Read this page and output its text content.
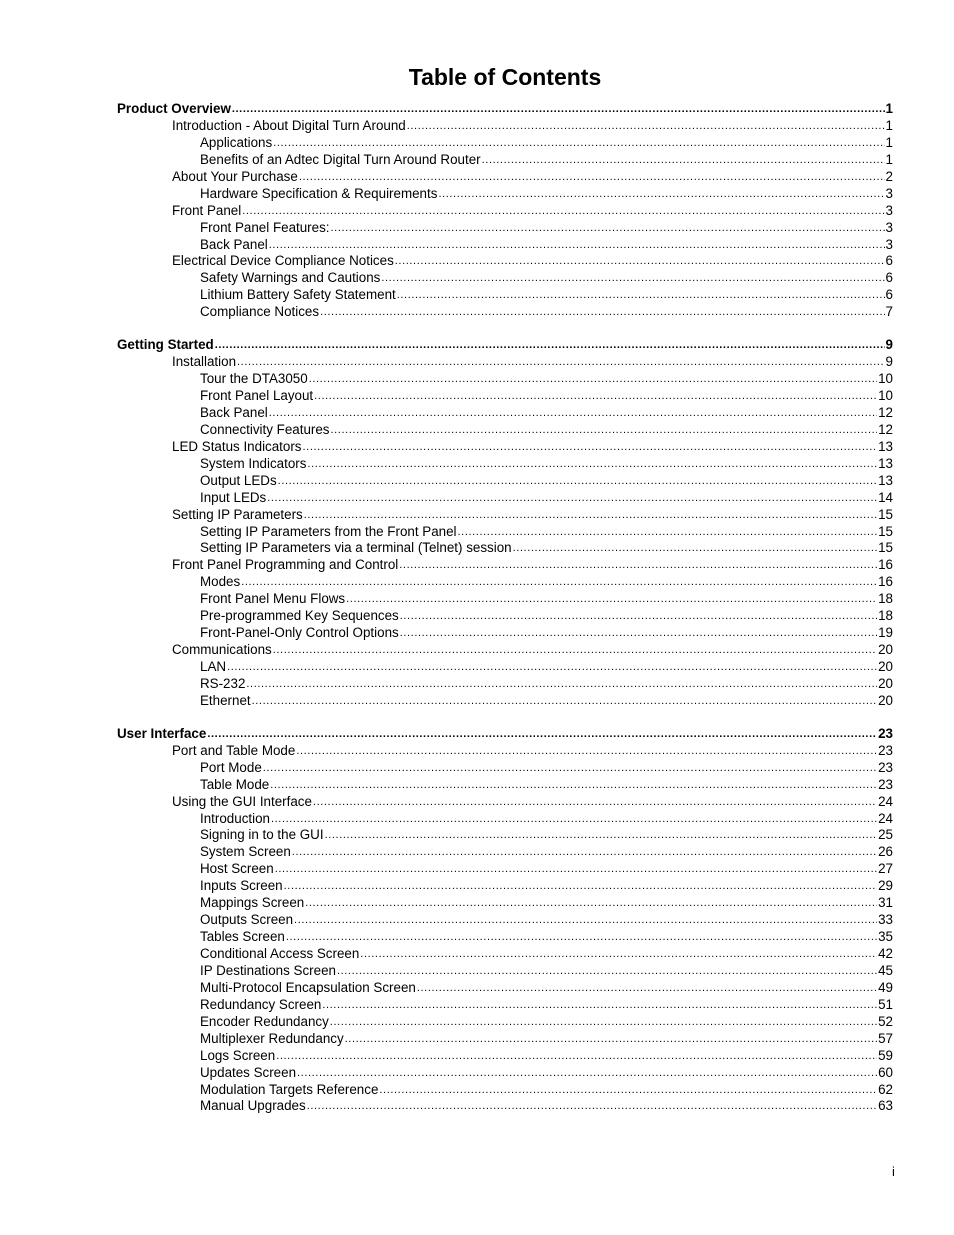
Table of Contents
Product Overview .....	1
Introduction - About Digital Turn Around .....	1
Applications .....	1
Benefits of an Adtec Digital Turn Around Router .....	1
About Your Purchase .....	2
Hardware Specification & Requirements .....	3
Front Panel .....	3
Front Panel Features: .....	3
Back Panel .....	3
Electrical Device Compliance Notices .....	6
Safety Warnings and Cautions .....	6
Lithium Battery Safety Statement .....	6
Compliance Notices .....	7
Getting Started .....	9
Installation .....	9
Tour the DTA3050 .....	10
Front Panel Layout .....	10
Back Panel .....	12
Connectivity Features .....	12
LED Status Indicators .....	13
System Indicators .....	13
Output LEDs .....	13
Input LEDs .....	14
Setting IP Parameters .....	15
Setting IP Parameters from the Front Panel .....	15
Setting IP Parameters via a terminal (Telnet) session .....	15
Front Panel Programming and Control .....	16
Modes .....	16
Front Panel Menu Flows .....	18
Pre-programmed Key Sequences .....	18
Front-Panel-Only Control Options .....	19
Communications .....	20
LAN .....	20
RS-232 .....	20
Ethernet .....	20
User Interface .....	23
Port and Table Mode .....	23
Port Mode .....	23
Table Mode .....	23
Using the GUI Interface .....	24
Introduction .....	24
Signing in to the GUI .....	25
System Screen .....	26
Host Screen .....	27
Inputs Screen .....	29
Mappings Screen .....	31
Outputs Screen .....	33
Tables Screen .....	35
Conditional Access Screen .....	42
IP Destinations Screen .....	45
Multi-Protocol Encapsulation Screen .....	49
Redundancy Screen .....	51
Encoder Redundancy .....	52
Multiplexer Redundancy .....	57
Logs Screen .....	59
Updates Screen .....	60
Modulation Targets Reference .....	62
Manual Upgrades .....	63
i
